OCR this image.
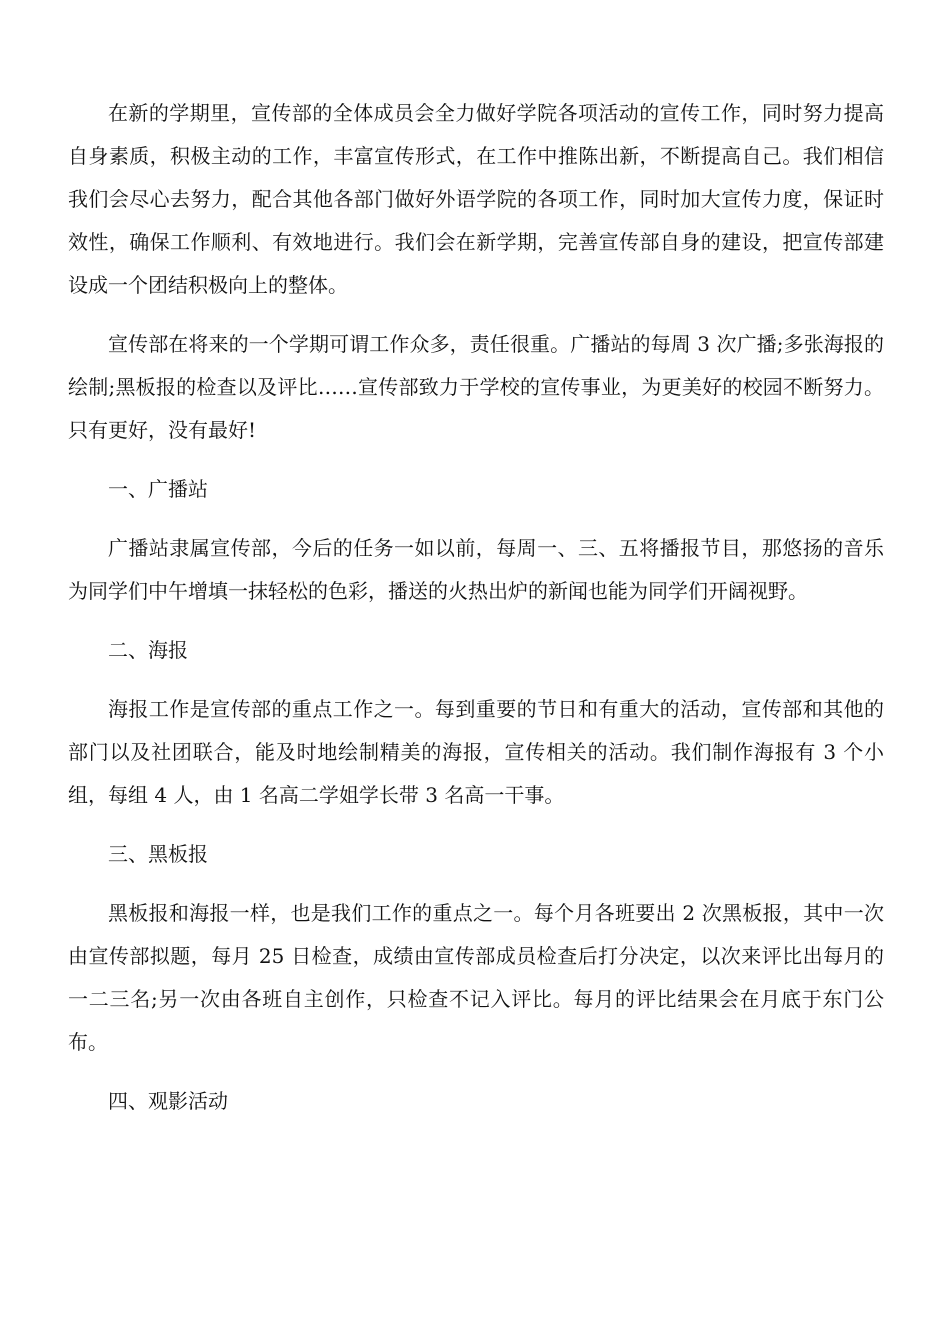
在新的学期里，宣传部的全体成员会全力做好学院各项活动的宣传工作，同时努力提高自身素质，积极主动的工作，丰富宣传形式，在工作中推陈出新，不断提高自己。我们相信我们会尽心去努力，配合其他各部门做好外语学院的各项工作，同时加大宣传力度，保证时效性，确保工作顺利、有效地进行。我们会在新学期，完善宣传部自身的建设，把宣传部建设成一个团结积极向上的整体。

宣传部在将来的一个学期可谓工作众多，责任很重。广播站的每周 3 次广播;多张海报的绘制;黑板报的检查以及评比……宣传部致力于学校的宣传事业，为更美好的校园不断努力。只有更好，没有最好!

一、广播站

广播站隶属宣传部，今后的任务一如以前，每周一、三、五将播报节目，那悠扬的音乐为同学们中午增填一抹轻松的色彩，播送的火热出炉的新闻也能为同学们开阔视野。

二、海报

海报工作是宣传部的重点工作之一。每到重要的节日和有重大的活动，宣传部和其他的部门以及社团联合，能及时地绘制精美的海报，宣传相关的活动。我们制作海报有 3 个小组，每组 4 人，由 1 名高二学姐学长带 3 名高一干事。

三、黑板报

黑板报和海报一样，也是我们工作的重点之一。每个月各班要出 2 次黑板报，其中一次由宣传部拟题，每月 25 日检查，成绩由宣传部成员检查后打分决定，以次来评比出每月的一二三名;另一次由各班自主创作，只检查不记入评比。每月的评比结果会在月底于东门公布。

四、观影活动
